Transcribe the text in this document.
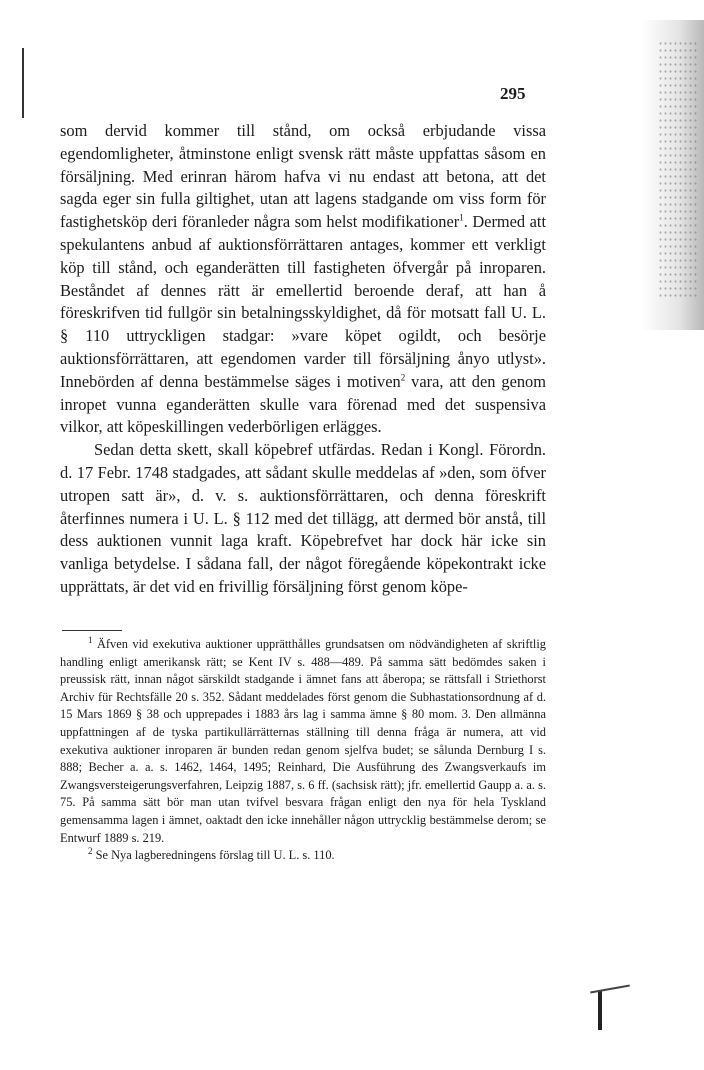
295

som dervid kommer till stånd, om också erbjudande vissa egendomligheter, åtminstone enligt svensk rätt måste uppfattas såsom en försäljning. Med erinran härom hafva vi nu endast att betona, att det sagda eger sin fulla giltighet, utan att lagens stadgande om viss form för fastighetsköp deri föranleder några som helst modifikationer$^1$. Dermed att spekulantens anbud af auktionsförrättaren antages, kommer ett verkligt köp till stånd, och eganderätten till fastigheten öfvergår på inroparen. Beståndet af dennes rätt är emellertid beroende deraf, att han å föreskrifven tid fullgör sin betalningsskyldighet, då för motsatt fall U. L. § 110 uttryckligen stadgar: »vare köpet ogildt, och besörje auktionsförrättaren, att egendomen varder till försäljning ånyo utlyst». Innebörden af denna bestämmelse säges i motiven$^2$ vara, att den genom inropet vunna eganderätten skulle vara förenad med det suspensiva vilkor, att köpeskillingen vederbörligen erlägges.

Sedan detta skett, skall köpebref utfärdas. Redan i Kongl. Förordn. d. 17 Febr. 1748 stadgades, att sådant skulle meddelas af »den, som öfver utropen satt är», d. v. s. auktionsförrättaren, och denna föreskrift återfinnes numera i U. L. § 112 med det tillägg, att dermed bör anstå, till dess auktionen vunnit laga kraft. Köpebrefvet har dock här icke sin vanliga betydelse. I sådana fall, der något föregående köpekontrakt icke upprättats, är det vid en frivillig försäljning först genom köpe-

$^1$ Äfven vid exekutiva auktioner upprätthålles grundsatsen om nödvändigheten af skriftlig handling enligt amerikansk rätt; se Kent IV s. 488—489. På samma sätt bedömdes saken i preussisk rätt, innan något särskildt stadgande i ämnet fans att åberopa; se rättsfall i Striethorst Archiv für Rechtsfälle 20 s. 352. Sådant meddelades först genom die Subhastationsordnung af d. 15 Mars 1869 § 38 och upprepades i 1883 års lag i samma ämne § 80 mom. 3. Den allmänna uppfattningen af de tyska partikullärrätternas ställning till denna fråga är numera, att vid exekutiva auktioner inroparen är bunden redan genom sjelfva budet; se sålunda Dernburg I s. 888; Becher a. a. s. 1462, 1464, 1495; Reinhard, Die Ausführung des Zwangsverkaufs im Zwangsversteigerungsverfahren, Leipzig 1887, s. 6 ff. (sachsisk rätt); jfr. emellertid Gaupp a. a. s. 75. På samma sätt bör man utan tvifvel besvara frågan enligt den nya för hela Tyskland gemensamma lagen i ämnet, oaktadt den icke innehåller någon uttrycklig bestämmelse derom; se Entwurf 1889 s. 219.

$^2$ Se Nya lagberedningens förslag till U. L. s. 110.
